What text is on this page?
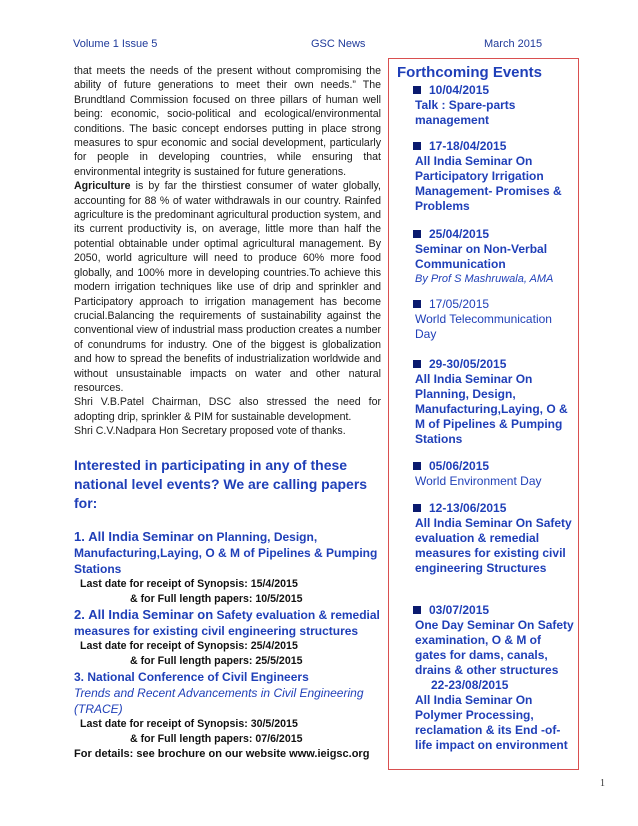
Volume 1 Issue 5	GSC News	March 2015

that meets the needs of the present without compromising the ability of future generations to meet their own needs.” The Brundtland Commission focused on three pillars of human well being: economic, socio-political and ecological/environmental conditions. The basic concept endorses putting in place strong measures to spur economic and social development, particularly for people in developing countries, while ensuring that environmental integrity is sustained for future generations.

Agriculture is by far the thirstiest consumer of water globally, accounting for 88 % of water withdrawals in our country. Rainfed agriculture is the predominant agricultural production system, and its current productivity is, on average, little more than half the potential obtainable under optimal agricultural management. By 2050, world agriculture will need to produce 60% more food globally, and 100% more in developing countries.To achieve this modern irrigation techniques like use of drip and sprinkler and Participatory approach to irrigation management has become crucial.Balancing the requirements of sustainability against the conventional view of industrial mass production creates a number of conundrums for industry. One of the biggest is globalization and how to spread the benefits of industrialization worldwide and without unsustainable impacts on water and other natural resources.

Shri V.B.Patel Chairman, DSC also stressed the need for adopting drip, sprinkler & PIM for sustainable development.

Shri C.V.Nadpara Hon Secretary proposed vote of thanks.

Interested in participating in any of these national level events? We are calling papers for:
1. All India Seminar on Planning, Design, Manufacturing,Laying, O & M of Pipelines & Pumping Stations
Last date for receipt of Synopsis: 15/4/2015
& for Full length papers: 10/5/2015
2. All India Seminar on Safety evaluation & remedial measures for existing civil engineering structures
Last date for receipt of Synopsis: 25/4/2015
& for Full length papers: 25/5/2015
3. National Conference of Civil Engineers
Trends and Recent Advancements in Civil Engineering (TRACE)
Last date for receipt of Synopsis: 30/5/2015
& for Full length papers: 07/6/2015
For details: see brochure on our website www.ieigsc.org
Forthcoming Events
10/04/2015
Talk : Spare-parts management
17-18/04/2015
All India Seminar On Participatory Irrigation Management- Promises & Problems
25/04/2015
Seminar on Non-Verbal Communication
By Prof S Mashruwala, AMA
17/05/2015
World Telecommunication Day
29-30/05/2015
All India Seminar On Planning, Design, Manufacturing,Laying, O & M of Pipelines & Pumping Stations
05/06/2015
World Environment Day
12-13/06/2015
All India Seminar On Safety evaluation & remedial measures for existing civil engineering Structures
03/07/2015
One Day Seminar On Safety examination, O & M of gates for dams, canals, drains & other structures
22-23/08/2015
All India Seminar On Polymer Processing, reclamation & its End -of-life impact on environment
1
